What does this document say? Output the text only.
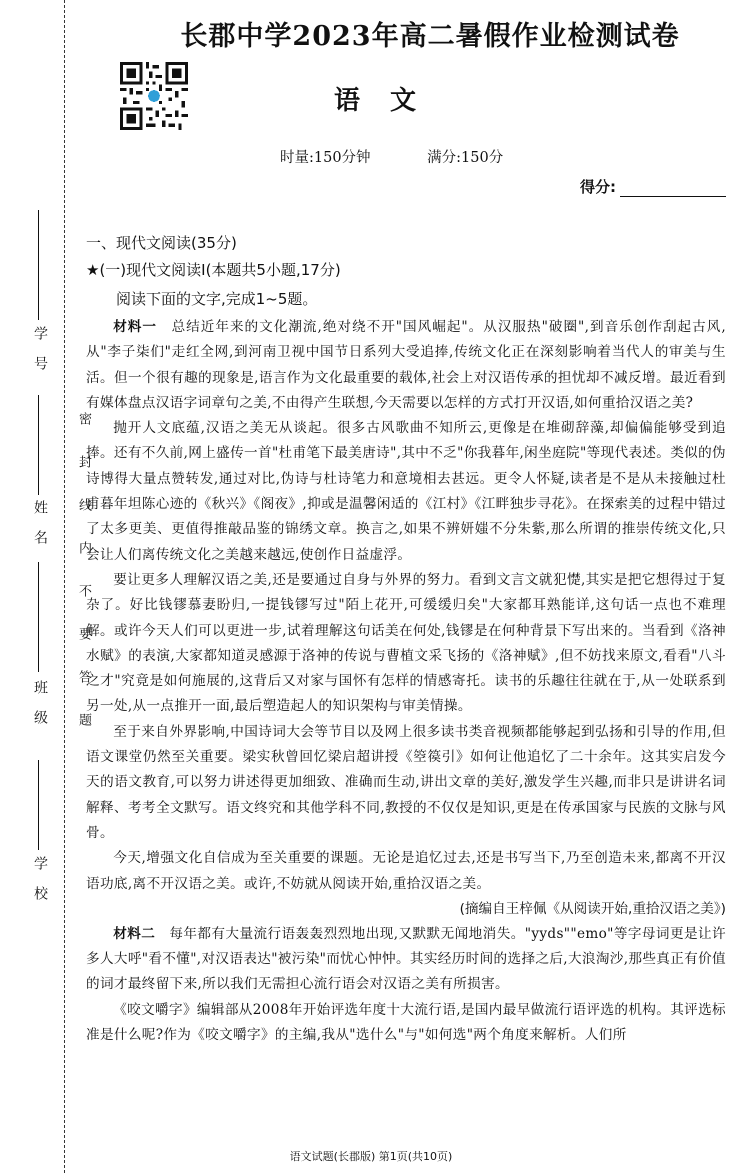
学号
姓名
班级
学校
密封线内不要答题
长郡中学2023年高二暑假作业检测试卷
语文
时量:150分钟	满分:150分
得分:
一、现代文阅读(35分)
★(一)现代文阅读Ⅰ(本题共5小题,17分)
阅读下面的文字,完成1~5题。

材料一  总结近年来的文化潮流,绝对绕不开"国风崛起"。从汉服热"破圈",到音乐创作刮起古风,从"李子柒们"走红全网,到河南卫视中国节日系列大受追捧,传统文化正在深刻影响着当代人的审美与生活。但一个很有趣的现象是,语言作为文化最重要的载体,社会上对汉语传承的担忧却不减反增。最近看到有媒体盘点汉语字词章句之美,不由得产生联想,今天需要以怎样的方式打开汉语,如何重拾汉语之美?

抛开人文底蕴,汉语之美无从谈起。很多古风歌曲不知所云,更像是在堆砌辞藻,却偏偏能够受到追捧。还有不久前,网上盛传一首"杜甫笔下最美唐诗",其中不乏"你我暮年,闲坐庭院"等现代表述。类似的伪诗博得大量点赞转发,通过对比,伪诗与杜诗笔力和意境相去甚远。更令人怀疑,读者是不是从未接触过杜甫暮年坦陈心迹的《秋兴》《阁夜》,抑或是温馨闲适的《江村》《江畔独步寻花》。在探索美的过程中错过了太多更美、更值得推敲品鉴的锦绣文章。换言之,如果不辨妍媸不分朱紫,那么所谓的推崇传统文化,只会让人们离传统文化之美越来越远,使创作日益虚浮。

要让更多人理解汉语之美,还是要通过自身与外界的努力。看到文言文就犯憷,其实是把它想得过于复杂了。好比钱镠慕妻盼归,一提钱镠写过"陌上花开,可缓缓归矣"大家都耳熟能详,这句话一点也不难理解。或许今天人们可以更进一步,试着理解这句话美在何处,钱镠是在何种背景下写出来的。当看到《洛神水赋》的表演,大家都知道灵感源于洛神的传说与曹植文采飞扬的《洛神赋》,但不妨找来原文,看看"八斗之才"究竟是如何施展的,这背后又对家与国怀有怎样的情感寄托。读书的乐趣往往就在于,从一处联系到另一处,从一点推开一面,最后塑造起人的知识架构与审美情操。

至于来自外界影响,中国诗词大会等节目以及网上很多读书类音视频都能够起到弘扬和引导的作用,但语文课堂仍然至关重要。梁实秋曾回忆梁启超讲授《箜篌引》如何让他追忆了二十余年。这其实启发今天的语文教育,可以努力讲述得更加细致、准确而生动,讲出文章的美好,激发学生兴趣,而非只是讲讲名词解释、考考全文默写。语文终究和其他学科不同,教授的不仅仅是知识,更是在传承国家与民族的文脉与风骨。

今天,增强文化自信成为至关重要的课题。无论是追忆过去,还是书写当下,乃至创造未来,都离不开汉语功底,离不开汉语之美。或许,不妨就从阅读开始,重拾汉语之美。

(摘编自王梓佩《从阅读开始,重拾汉语之美》)

材料二  每年都有大量流行语轰轰烈烈地出现,又默默无闻地消失。"yyds""emo"等字母词更是让许多人大呼"看不懂",对汉语表达"被污染"而忧心忡忡。其实经历时间的选择之后,大浪淘沙,那些真正有价值的词才最终留下来,所以我们无需担心流行语会对汉语之美有所损害。

《咬文嚼字》编辑部从2008年开始评选年度十大流行语,是国内最早做流行语评选的机构。其评选标准是什么呢?作为《咬文嚼字》的主编,我从"选什么"与"如何选"两个角度来解析。人们所

语文试题(长郡版) 第1页(共10页)
